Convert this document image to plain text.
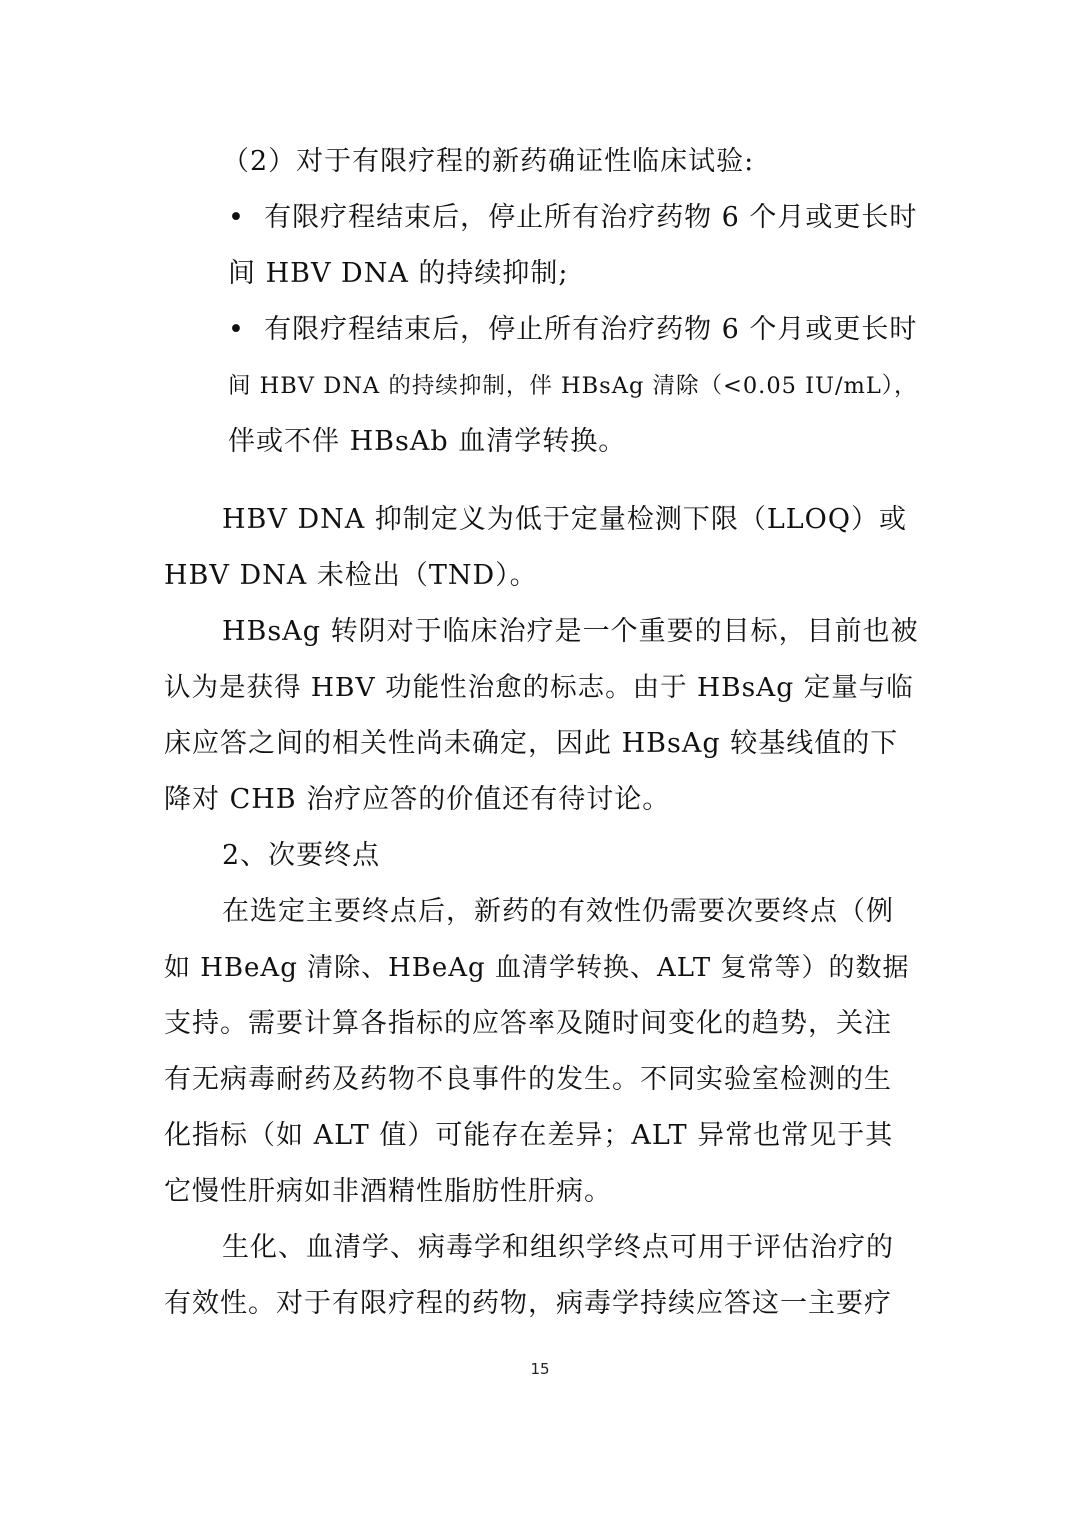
（2）对于有限疗程的新药确证性临床试验:
•  有限疗程结束后，停止所有治疗药物 6 个月或更长时
间 HBV DNA 的持续抑制;
•  有限疗程结束后，停止所有治疗药物 6 个月或更长时
间 HBV DNA 的持续抑制，伴 HBsAg 清除（<0.05 IU/mL），
伴或不伴 HBsAb 血清学转换。
HBV DNA 抑制定义为低于定量检测下限（LLOQ）或
HBV DNA 未检出（TND）。
HBsAg 转阴对于临床治疗是一个重要的目标，目前也被
认为是获得 HBV 功能性治愈的标志。由于 HBsAg 定量与临
床应答之间的相关性尚未确定，因此 HBsAg 较基线值的下
降对 CHB 治疗应答的价值还有待讨论。
2、次要终点
在选定主要终点后，新药的有效性仍需要次要终点（例
如 HBeAg 清除、HBeAg 血清学转换、ALT 复常等）的数据
支持。需要计算各指标的应答率及随时间变化的趋势，关注
有无病毒耐药及药物不良事件的发生。不同实验室检测的生
化指标（如 ALT 值）可能存在差异；ALT 异常也常见于其
它慢性肝病如非酒精性脂肪性肝病。
生化、血清学、病毒学和组织学终点可用于评估治疗的
有效性。对于有限疗程的药物，病毒学持续应答这一主要疗
15
